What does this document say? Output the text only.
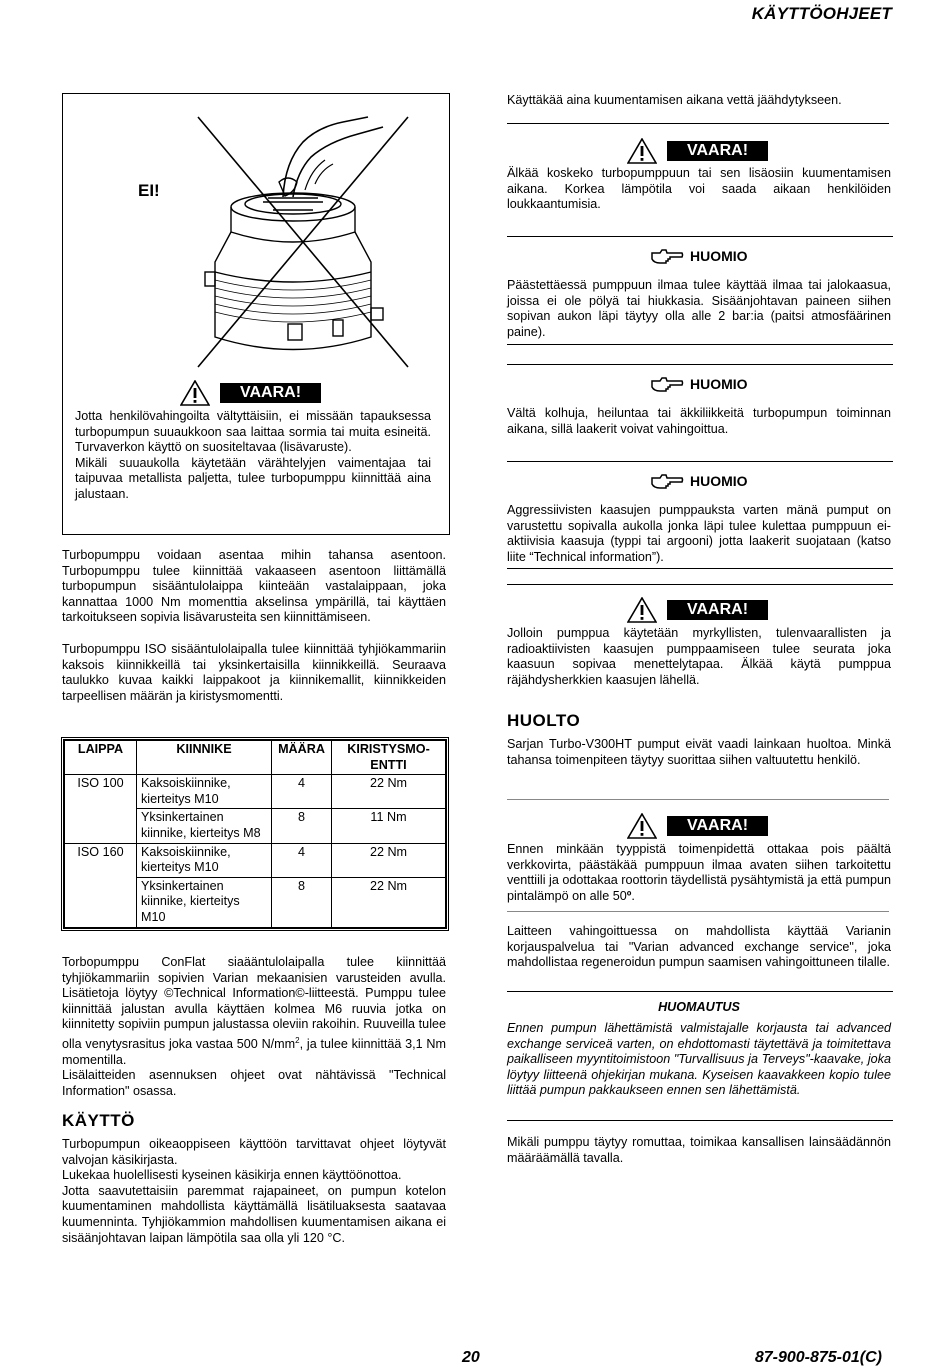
KÄYTTÖOHJEET
EI!
VAARA!
Jotta henkilövahingoilta vältyttäisiin, ei missään tapauksessa turbopumpun suuaukkoon saa laittaa sormia tai muita esineitä. Turvaverkon käyttö on suositeltavaa (lisävaruste).
Mikäli suuaukolla käytetään värähtelyjen vaimentajaa tai taipuvaa metallista paljetta, tulee turbopumppu kiinnittää aina jalustaan.
Turbopumppu voidaan asentaa mihin tahansa asentoon. Turbopumppu tulee kiinnittää vakaaseen asentoon liittämällä turbopumpun sisääntulolaippa kiinteään vastalaippaan, joka kannattaa 1000 Nm momenttia akselinsa ympärillä, tai käyttäen tarkoitukseen sopivia lisävarusteita sen kiinnittämiseen.
Turbopumppu ISO sisääntulolaipalla tulee kiinnittää tyhjiökammariin kaksois kiinnikkeillä tai yksinkertaisilla kiinnikkeillä. Seuraava taulukko kuvaa kaikki laippakoot ja kiinnikemallit, kiinnikkeiden tarpeellisen määrän ja kiristysmomentti.
LAIPPA	KIINNIKE	MÄÄRA	KIRISTYSMO-ENTTI
ISO 100	Kaksoiskiinnike, kierteitys M10	4	22 Nm
	Yksinkertainen kiinnike, kierteitys M8	8	11 Nm
ISO 160	Kaksoiskiinnike, kierteitys M10	4	22 Nm
	Yksinkertainen kiinnike, kierteitys M10	8	22 Nm
Torbopumppu ConFlat siaääntulolaipalla tulee kiinnittää tyhjiökammariin sopivien Varian mekaanisien varusteiden avulla. Lisätietoja löytyy ©Technical Information©-liitteestä. Pumppu tulee kiinnittää jalustan avulla käyttäen kolmea M6 ruuvia jotka on kiinnitetty sopiviin pumpun jalustassa oleviin rakoihin. Ruuveilla tulee olla venytysrasitus joka vastaa 500 $N/mm^2$, ja tulee kiinnittää 3,1 Nm momentilla.
Lisälaitteiden asennuksen ohjeet ovat nähtävissä "Technical Information" osassa.
KÄYTTÖ
Turbopumpun oikeaoppiseen käyttöön tarvittavat ohjeet löytyvät valvojan käsikirjasta.
Lukekaa huolellisesti kyseinen käsikirja ennen käyttöönottoa.
Jotta saavutettaisiin paremmat rajapaineet, on pumpun kotelon kuumentaminen mahdollista käyttämällä lisätiluaksesta saatavaa kuumenninta. Tyhjiökammion mahdollisen kuumentamisen aikana ei sisäänjohtavan laipan lämpötila saa olla yli 120 °C.
Käyttäkää aina kuumentamisen aikana vettä jäähdytykseen.
VAARA!
Älkää koskeko turbopumppuun tai sen lisäosiin kuumentamisen aikana. Korkea lämpötila voi saada aikaan henkilöiden loukkaantumisia.
HUOMIO
Päästettäessä pumppuun ilmaa tulee käyttää ilmaa tai jalokaasua, joissa ei ole pölyä tai hiukkasia. Sisäänjohtavan paineen siihen sopivan aukon läpi täytyy olla alle 2 bar:ia (paitsi atmosfäärinen paine).
HUOMIO
Vältä kolhuja, heiluntaa tai äkkiliikkeitä turbopumpun toiminnan aikana, sillä laakerit voivat vahingoittua.
HUOMIO
Aggressiivisten kaasujen pumppauksta varten mänä pumput on varustettu sopivalla aukolla jonka läpi tulee kulettaa pumppuun ei-aktiivisia kaasuja (typpi tai argooni) jotta laakerit suojataan (katso liite “Technical information”).
VAARA!
Jolloin pumppua käytetään myrkyllisten, tulenvaarallisten ja radioaktiivisten kaasujen pumppaamiseen tulee seurata joka kaasuun sopivaa menettelytapaa. Älkää käytä pumppua räjähdysherkkien kaasujen lähellä.
HUOLTO
Sarjan Turbo-V300HT pumput eivät vaadi lainkaan huoltoa. Minkä tahansa toimenpiteen täytyy suorittaa siihen valtuutettu henkilö.
VAARA!
Ennen minkään tyyppistä toimenpidettä ottakaa pois päältä verkkovirta, päästäkää pumppuun ilmaa avaten siihen tarkoitettu venttiili ja odottakaa roottorin täydellistä pysähtymistä ja että pumpun pintalämpö on alle 50º.
Laitteen vahingoittuessa on mahdollista käyttää Varianin korjauspalvelua tai "Varian advanced exchange service", joka mahdollistaa regeneroidun pumpun saamisen vahingoittuneen tilalle.
HUOMAUTUS
Ennen pumpun lähettämistä valmistajalle korjausta tai advanced exchange serviceä varten, on ehdottomasti täytettävä ja toimitettava paikalliseen myyntitoimistoon "Turvallisuus ja Terveys"-kaavake, joka löytyy liitteenä ohjekirjan mukana. Kyseisen kaavakkeen kopio tulee liittää pumpun pakkaukseen ennen sen lähettämistä.
Mikäli pumppu täytyy romuttaa, toimikaa kansallisen lainsäädännön määräämällä tavalla.
20	87-900-875-01(C)
